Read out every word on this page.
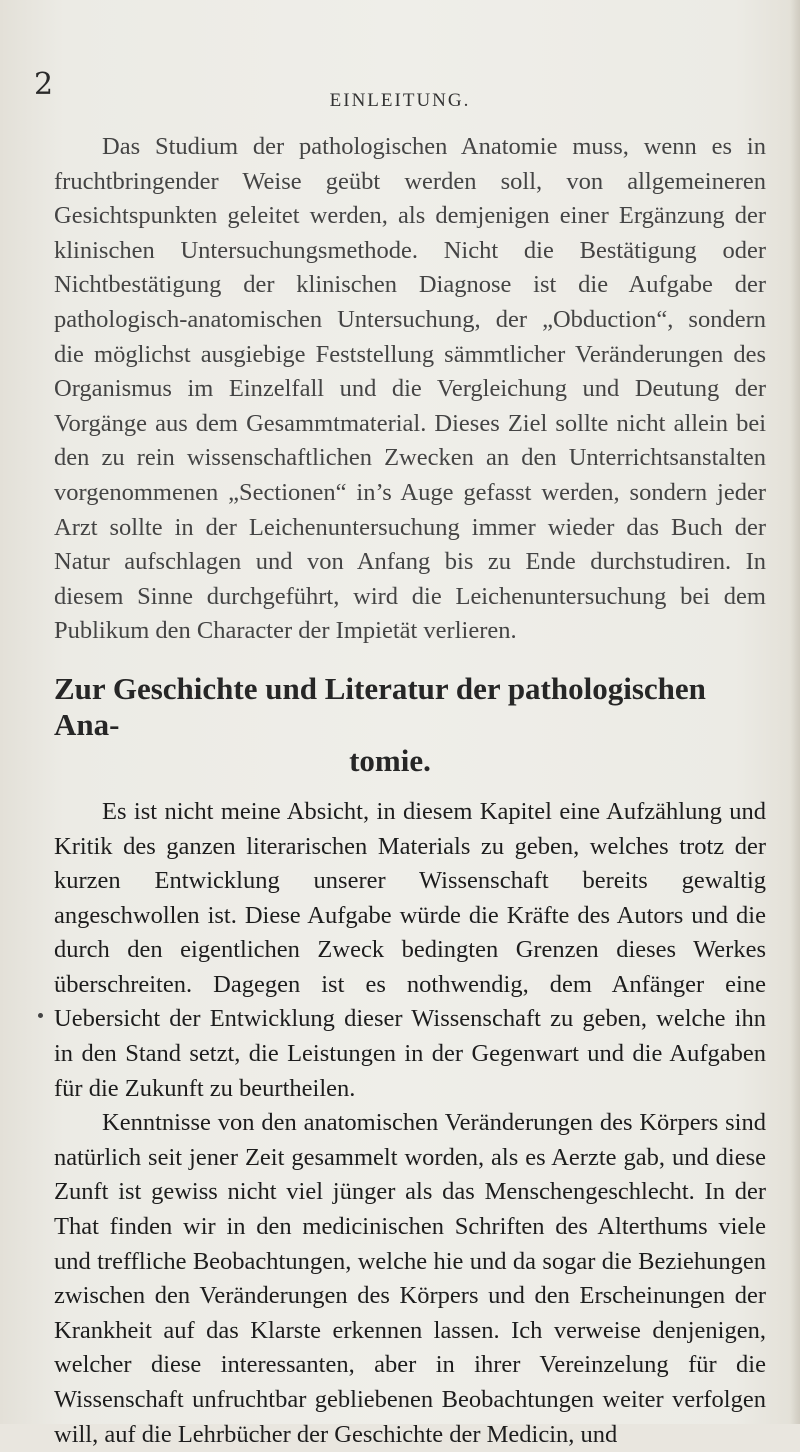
2	EINLEITUNG.

Das Studium der pathologischen Anatomie muss, wenn es in fruchtbringender Weise geübt werden soll, von allgemeineren Gesichtspunkten geleitet werden, als demjenigen einer Ergänzung der klinischen Untersuchungsmethode. Nicht die Bestätigung oder Nichtbestätigung der klinischen Diagnose ist die Aufgabe der pathologisch-anatomischen Untersuchung, der „Obduction“, sondern die möglichst ausgiebige Feststellung sämmtlicher Veränderungen des Organismus im Einzelfall und die Vergleichung und Deutung der Vorgänge aus dem Gesammtmaterial. Dieses Ziel sollte nicht allein bei den zu rein wissenschaftlichen Zwecken an den Unterrichtsanstalten vorgenommenen „Sectionen“ in’s Auge gefasst werden, sondern jeder Arzt sollte in der Leichenuntersuchung immer wieder das Buch der Natur aufschlagen und von Anfang bis zu Ende durchstudiren. In diesem Sinne durchgeführt, wird die Leichenuntersuchung bei dem Publikum den Character der Impietät verlieren.

Zur Geschichte und Literatur der pathologischen Ana-
tomie.

Es ist nicht meine Absicht, in diesem Kapitel eine Aufzählung und Kritik des ganzen literarischen Materials zu geben, welches trotz der kurzen Entwicklung unserer Wissenschaft bereits gewaltig angeschwollen ist. Diese Aufgabe würde die Kräfte des Autors und die durch den eigentlichen Zweck bedingten Grenzen dieses Werkes überschreiten. Dagegen ist es nothwendig, dem Anfänger eine Uebersicht der Entwicklung dieser Wissenschaft zu geben, welche ihn in den Stand setzt, die Leistungen in der Gegenwart und die Aufgaben für die Zukunft zu beurtheilen.

Kenntnisse von den anatomischen Veränderungen des Körpers sind natürlich seit jener Zeit gesammelt worden, als es Aerzte gab, und diese Zunft ist gewiss nicht viel jünger als das Menschengeschlecht. In der That finden wir in den medicinischen Schriften des Alterthums viele und treffliche Beobachtungen, welche hie und da sogar die Beziehungen zwischen den Veränderungen des Körpers und den Erscheinungen der Krankheit auf das Klarste erkennen lassen. Ich verweise denjenigen, welcher diese interessanten, aber in ihrer Vereinzelung für die Wissenschaft unfruchtbar gebliebenen Beobachtungen weiter verfolgen will, auf die Lehrbücher der Geschichte der Medicin, und
